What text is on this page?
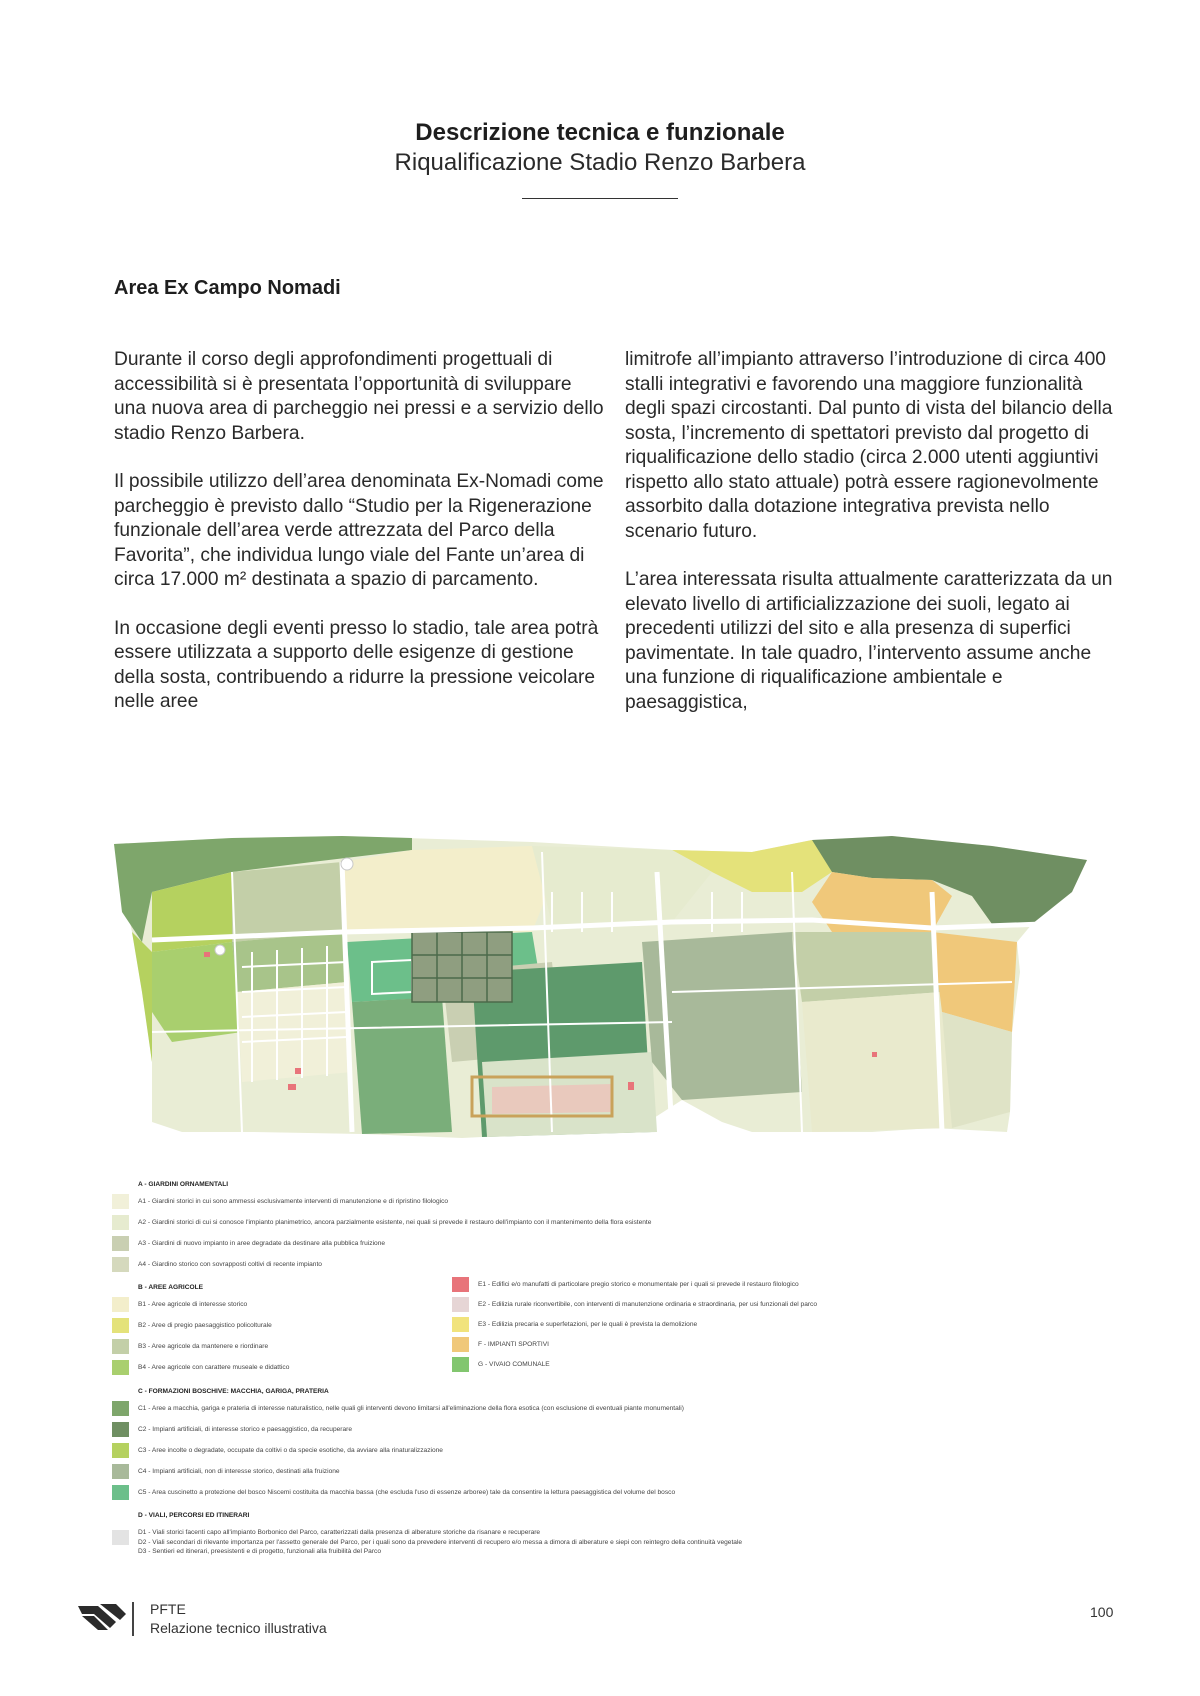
Descrizione tecnica e funzionale
Riqualificazione Stadio Renzo Barbera
Area Ex Campo Nomadi

Durante il corso degli approfondimenti progettuali di accessibilità si è presentata l’opportunità di sviluppare una nuova area di parcheggio nei pressi e a servizio dello stadio Renzo Barbera.

Il possibile utilizzo dell’area denominata Ex-Nomadi come parcheggio è previsto dallo “Studio per la Rigenerazione funzionale dell’area verde attrezzata del Parco della Favorita”, che individua lungo viale del Fante un’area di circa 17.000 m² destinata a spazio di parcamento.

In occasione degli eventi presso lo stadio, tale area potrà essere utilizzata a supporto delle esigenze di gestione della sosta, contribuendo a ridurre la pressione veicolare nelle aree

limitrofe all’impianto attraverso l’introduzione di circa 400 stalli integrativi e favorendo una maggiore funzionalità degli spazi circostanti. Dal punto di vista del bilancio della sosta, l’incremento di spettatori previsto dal progetto di riqualificazione dello stadio (circa 2.000 utenti aggiuntivi rispetto allo stato attuale) potrà essere ragionevolmente assorbito dalla dotazione integrativa prevista nello scenario futuro.

L’area interessata risulta attualmente caratterizzata da un elevato livello di artificializzazione dei suoli, legato ai precedenti utilizzi del sito e alla presenza di superfici pavimentate. In tale quadro, l’intervento assume anche una funzione di riqualificazione ambientale e paesaggistica,

A - GIARDINI ORNAMENTALI
A1 - Giardini storici in cui sono ammessi esclusivamente interventi di manutenzione e di ripristino filologico
A2 - Giardini storici di cui si conosce l'impianto planimetrico, ancora parzialmente esistente, nei quali si prevede il restauro dell'impianto con il mantenimento della flora esistente
A3 - Giardini di nuovo impianto in aree degradate da destinare alla pubblica fruizione
A4 - Giardino storico con sovrapposti coltivi di recente impianto
B - AREE AGRICOLE
B1 - Aree agricole di interesse storico
B2 - Aree di pregio paesaggistico policolturale
B3 - Aree agricole da mantenere e riordinare
B4 - Aree agricole con carattere museale e didattico
E1 - Edifici e/o manufatti di particolare pregio storico e monumentale per i quali si prevede il restauro filologico
E2 - Edilizia rurale riconvertibile, con interventi di manutenzione ordinaria e straordinaria, per usi funzionali del parco
E3 - Edilizia precaria e superfetazioni, per le quali è prevista la demolizione
F - IMPIANTI SPORTIVI
G - VIVAIO COMUNALE
C - FORMAZIONI BOSCHIVE: MACCHIA, GARIGA, PRATERIA
C1 - Aree a macchia, gariga e prateria di interesse naturalistico, nelle quali gli interventi devono limitarsi all'eliminazione della flora esotica (con esclusione di eventuali piante monumentali)
C2 - Impianti artificiali, di interesse storico e paesaggistico, da recuperare
C3 - Aree incolte o degradate, occupate da coltivi o da specie esotiche, da avviare alla rinaturalizzazione
C4 - Impianti artificiali, non di interesse storico, destinati alla fruizione
C5 - Area cuscinetto a protezione del bosco Niscemi costituita da macchia bassa (che escluda l'uso di essenze arboree) tale da consentire la lettura paesaggistica del volume del bosco
D - VIALI, PERCORSI ED ITINERARI
D1 - Viali storici facenti capo all'impianto Borbonico del Parco, caratterizzati dalla presenza di alberature storiche da risanare e recuperare
D2 - Viali secondari di rilevante importanza per l'assetto generale del Parco, per i quali sono da prevedere interventi di recupero e/o messa a dimora di alberature e siepi con reintegro della continuità vegetale
D3 - Sentieri ed itinerari, preesistenti e di progetto, funzionali alla fruibilità del Parco
PFTE
Relazione tecnico illustrativa
100
